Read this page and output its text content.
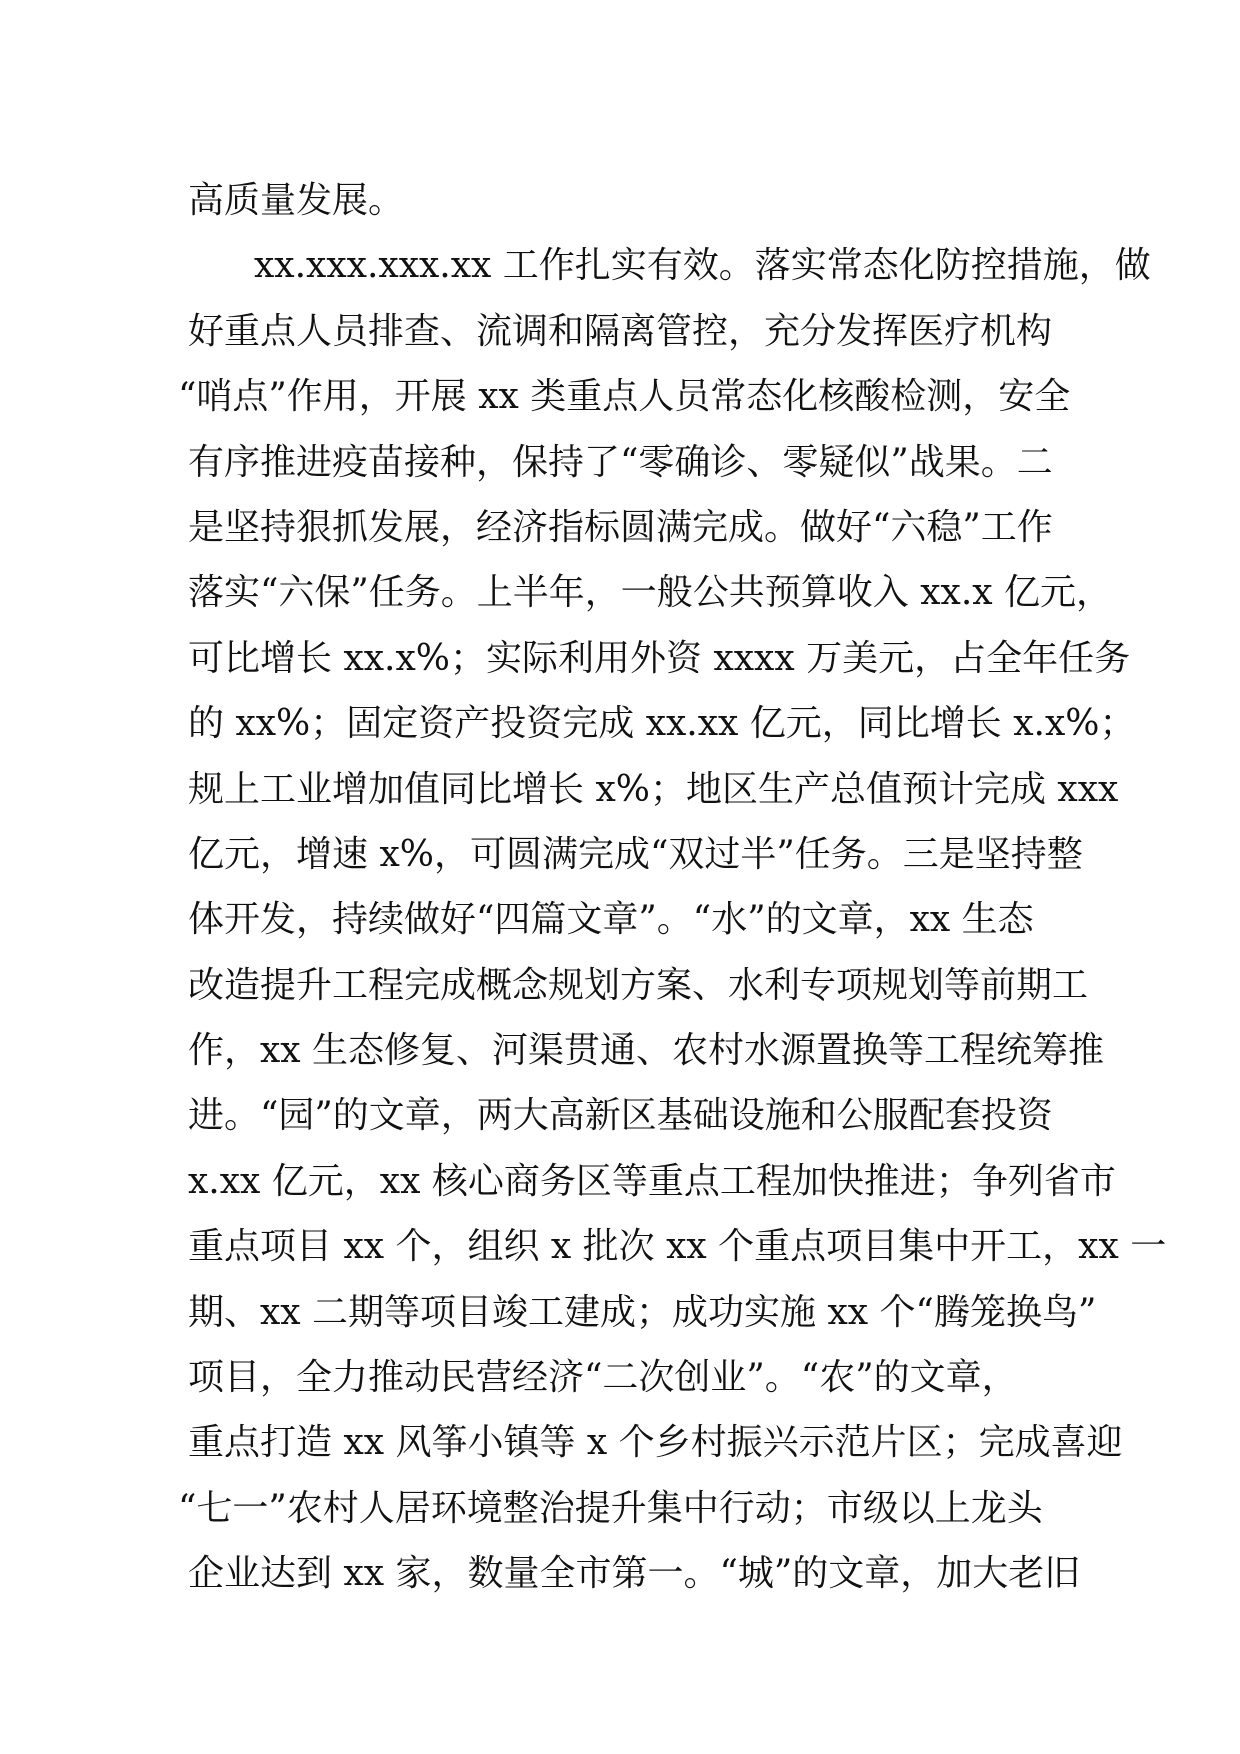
高质量发展。
xx.xxx.xxx.xx 工作扎实有效。落实常态化防控措施，做
好重点人员排查、流调和隔离管控，充分发挥医疗机构
“哨点”作用，开展 xx 类重点人员常态化核酸检测，安全
有序推进疫苗接种，保持了“零确诊、零疑似”战果。二
是坚持狠抓发展，经济指标圆满完成。做好“六稳”工作
落实“六保”任务。上半年，一般公共预算收入 xx.x 亿元，
可比增长 xx.x%；实际利用外资 xxxx 万美元，占全年任务
的 xx%；固定资产投资完成 xx.xx 亿元，同比增长 x.x%；
规上工业增加值同比增长 x%；地区生产总值预计完成 xxx
亿元，增速 x%，可圆满完成“双过半”任务。三是坚持整
体开发，持续做好“四篇文章”。“水”的文章，xx 生态
改造提升工程完成概念规划方案、水利专项规划等前期工
作，xx 生态修复、河渠贯通、农村水源置换等工程统筹推
进。“园”的文章，两大高新区基础设施和公服配套投资
x.xx 亿元，xx 核心商务区等重点工程加快推进；争列省市
重点项目 xx 个，组织 x 批次 xx 个重点项目集中开工，xx 一
期、xx 二期等项目竣工建成；成功实施 xx 个“腾笼换鸟”
项目，全力推动民营经济“二次创业”。“农”的文章，
重点打造 xx 风筝小镇等 x 个乡村振兴示范片区；完成喜迎
“七一”农村人居环境整治提升集中行动；市级以上龙头
企业达到 xx 家，数量全市第一。“城”的文章，加大老旧
